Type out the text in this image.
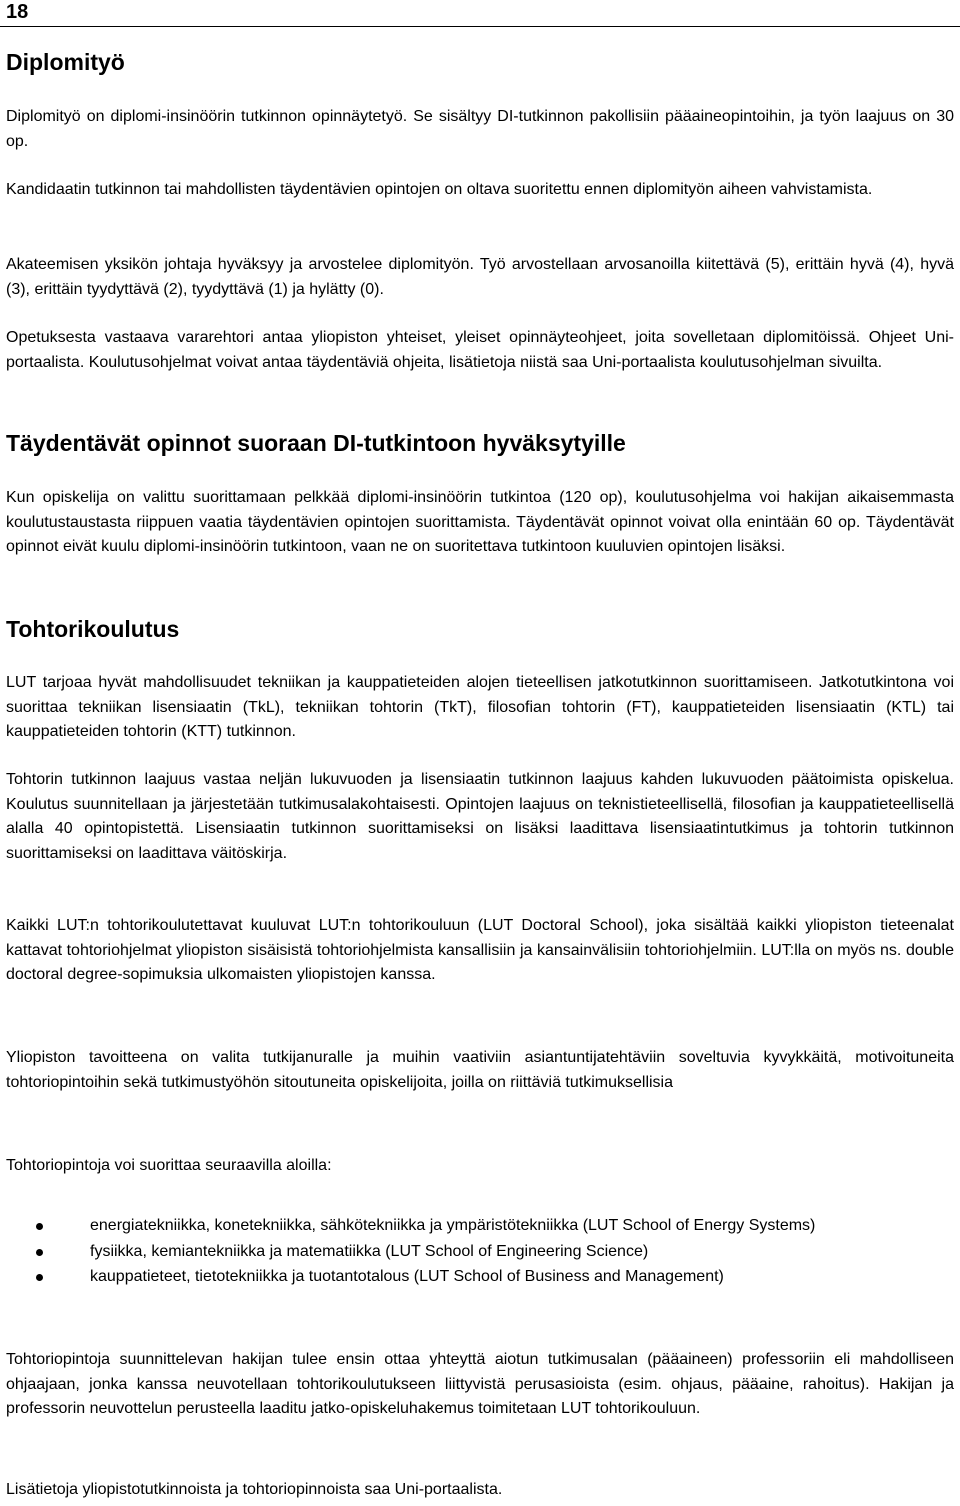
18
Diplomityö

Diplomityö on diplomi-insinöörin tutkinnon opinnäytetyö. Se sisältyy DI-tutkinnon pakollisiin pääaineopintoihin, ja työn laajuus on 30 op.

Kandidaatin tutkinnon tai mahdollisten täydentävien opintojen on oltava suoritettu ennen diplomityön aiheen vahvistamista.

Akateemisen yksikön johtaja hyväksyy ja arvostelee diplomityön. Työ arvostellaan arvosanoilla kiitettävä (5), erittäin hyvä (4), hyvä (3), erittäin tyydyttävä (2), tyydyttävä (1) ja hylätty (0).

Opetuksesta vastaava vararehtori antaa yliopiston yhteiset, yleiset opinnäyteohjeet, joita sovelletaan diplomitöissä. Ohjeet Uni-portaalista. Koulutusohjelmat voivat antaa täydentäviä ohjeita, lisätietoja niistä saa Uni-portaalista koulutusohjelman sivuilta.

Täydentävät opinnot suoraan DI-tutkintoon hyväksytyille

Kun opiskelija on valittu suorittamaan pelkkää diplomi-insinöörin tutkintoa (120 op), koulutusohjelma voi hakijan aikaisemmasta koulutustaustasta riippuen vaatia täydentävien opintojen suorittamista. Täydentävät opinnot voivat olla enintään 60 op. Täydentävät opinnot eivät kuulu diplomi-insinöörin tutkintoon, vaan ne on suoritettava tutkintoon kuuluvien opintojen lisäksi.

Tohtorikoulutus

LUT tarjoaa hyvät mahdollisuudet tekniikan ja kauppatieteiden alojen tieteellisen jatkotutkinnon suorittamiseen. Jatkotutkintona voi suorittaa tekniikan lisensiaatin (TkL), tekniikan tohtorin (TkT), filosofian tohtorin (FT), kauppatieteiden lisensiaatin (KTL) tai kauppatieteiden tohtorin (KTT) tutkinnon.

Tohtorin tutkinnon laajuus vastaa neljän lukuvuoden ja lisensiaatin tutkinnon laajuus kahden lukuvuoden päätoimista opiskelua. Koulutus suunnitellaan ja järjestetään tutkimusalakohtaisesti. Opintojen laajuus on teknistieteellisellä, filosofian ja kauppatieteellisellä alalla 40 opintopistettä. Lisensiaatin tutkinnon suorittamiseksi on lisäksi laadittava lisensiaatintutkimus ja tohtorin tutkinnon suorittamiseksi on laadittava väitöskirja.

Kaikki LUT:n tohtorikoulutettavat kuuluvat LUT:n tohtorikouluun (LUT Doctoral School), joka sisältää kaikki yliopiston tieteenalat kattavat tohtoriohjelmat yliopiston sisäisistä tohtoriohjelmista kansallisiin ja kansainvälisiin tohtoriohjelmiin. LUT:lla on myös ns. double doctoral degree-sopimuksia ulkomaisten yliopistojen kanssa.

Yliopiston tavoitteena on valita tutkijanuralle ja muihin vaativiin asiantuntijatehtäviin soveltuvia kyvykkäitä, motivoituneita tohtoriopintoihin sekä tutkimustyöhön sitoutuneita opiskelijoita, joilla on riittäviä tutkimuksellisia

Tohtoriopintoja voi suorittaa seuraavilla aloilla:

energiatekniikka, konetekniikka, sähkötekniikka ja ympäristötekniikka (LUT School of Energy Systems)
fysiikka, kemiantekniikka ja matematiikka (LUT School of Engineering Science)
kauppatieteet, tietotekniikka ja tuotantotalous (LUT School of Business and Management)

Tohtoriopintoja suunnittelevan hakijan tulee ensin ottaa yhteyttä aiotun tutkimusalan (pääaineen) professoriin eli mahdolliseen ohjaajaan, jonka kanssa neuvotellaan tohtorikoulutukseen liittyvistä perusasioista (esim. ohjaus, pääaine, rahoitus). Hakijan ja professorin neuvottelun perusteella laaditu jatko-opiskeluhakemus toimitetaan LUT tohtorikouluun.

Lisätietoja yliopistotutkinnoista ja tohtoriopinnoista saa Uni-portaalista.
